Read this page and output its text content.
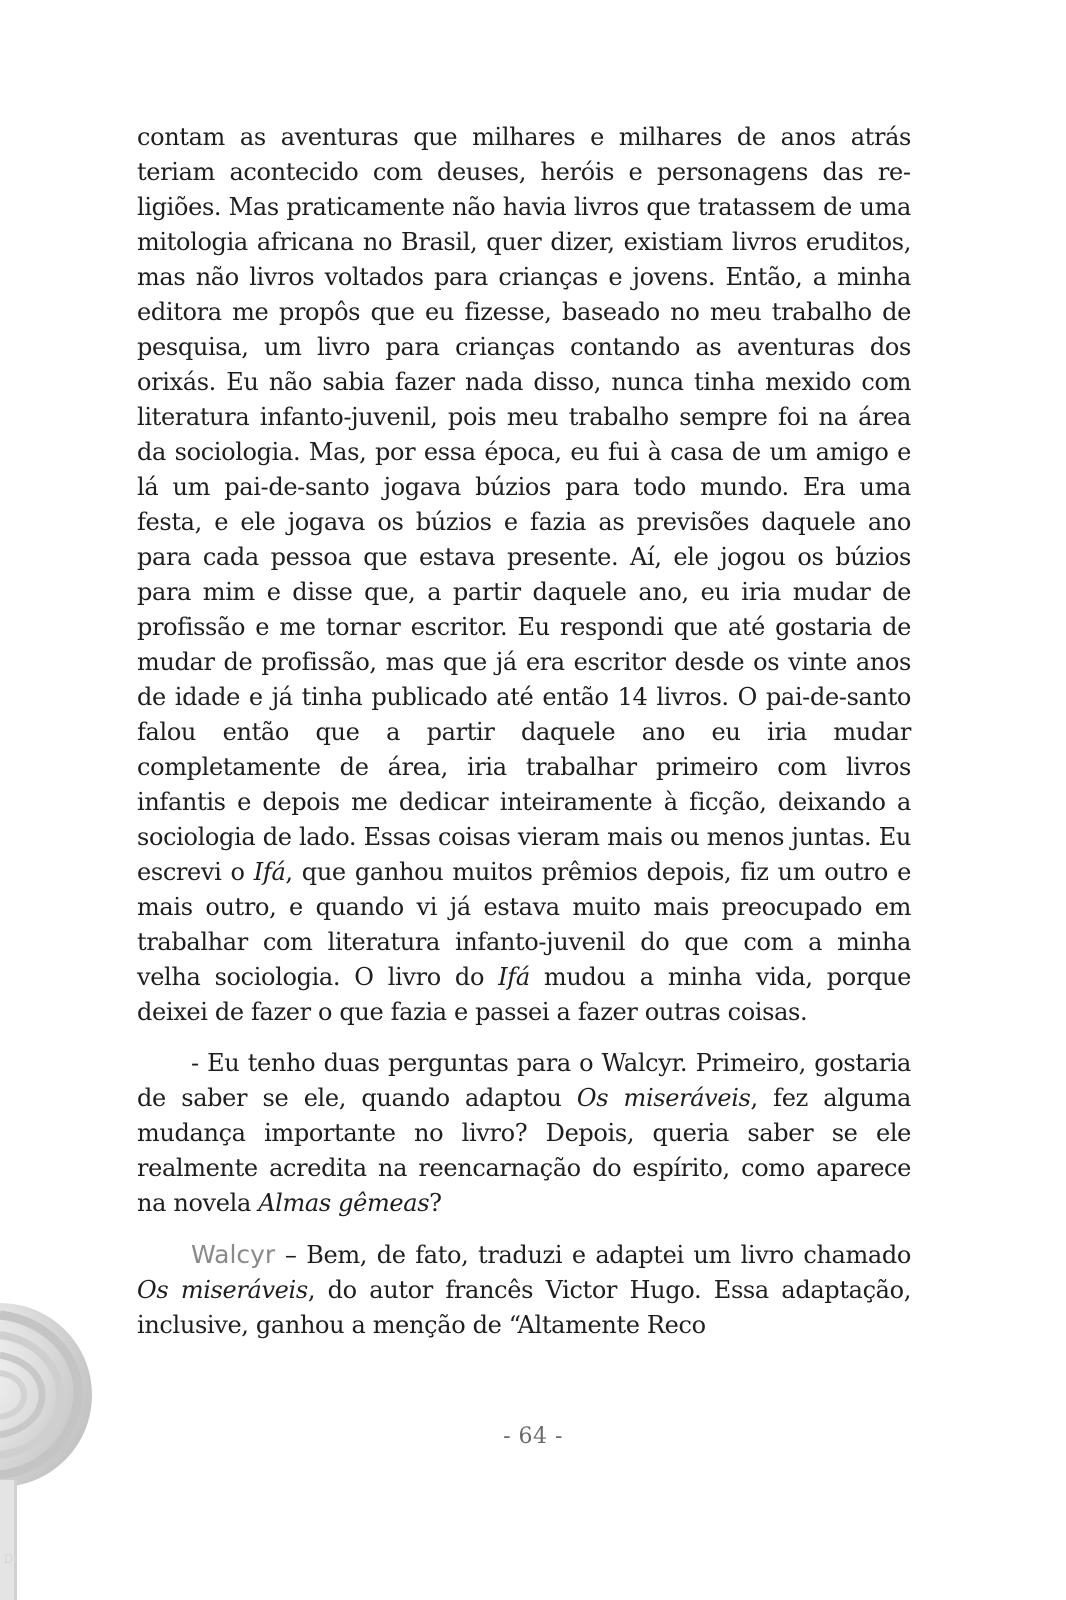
DI

contam as aventuras que milhares e milhares de anos atrás teriam acontecido com deuses, heróis e personagens das religiões. Mas praticamente não havia livros que tratassem de uma mitologia africana no Brasil, quer dizer, existiam livros eruditos, mas não livros voltados para crianças e jovens. Então, a minha editora me propôs que eu fizesse, baseado no meu trabalho de pesquisa, um livro para crianças contando as aventuras dos orixás. Eu não sabia fazer nada disso, nunca tinha mexido com literatura infanto-juvenil, pois meu trabalho sempre foi na área da sociologia. Mas, por essa época, eu fui à casa de um amigo e lá um pai-de-santo jogava búzios para todo mundo. Era uma festa, e ele jogava os búzios e fazia as previsões daquele ano para cada pessoa que estava presente. Aí, ele jogou os búzios para mim e disse que, a partir daquele ano, eu iria mudar de profissão e me tornar escritor. Eu respondi que até gostaria de mudar de profissão, mas que já era escritor desde os vinte anos de idade e já tinha publicado até então 14 livros. O pai-de-santo falou então que a partir daquele ano eu iria mudar completamente de área, iria trabalhar primeiro com livros infantis e depois me dedicar inteiramente à ficção, deixando a sociologia de lado. Essas coisas vieram mais ou menos juntas. Eu escrevi o Ifá, que ganhou muitos prêmios depois, fiz um outro e mais outro, e quando vi já estava muito mais preocupado em trabalhar com literatura infanto-juvenil do que com a minha velha sociologia. O livro do Ifá mudou a minha vida, porque deixei de fazer o que fazia e passei a fazer outras coisas.

- Eu tenho duas perguntas para o Walcyr. Primeiro, gostaria de saber se ele, quando adaptou Os miseráveis, fez alguma mudança importante no livro? Depois, queria saber se ele realmente acredita na reencarnação do espírito, como aparece na novela Almas gêmeas?

Walcyr – Bem, de fato, traduzi e adaptei um livro chamado Os miseráveis, do autor francês Victor Hugo. Essa adaptação, inclusive, ganhou a menção de “Altamente Reco

- 64 -
